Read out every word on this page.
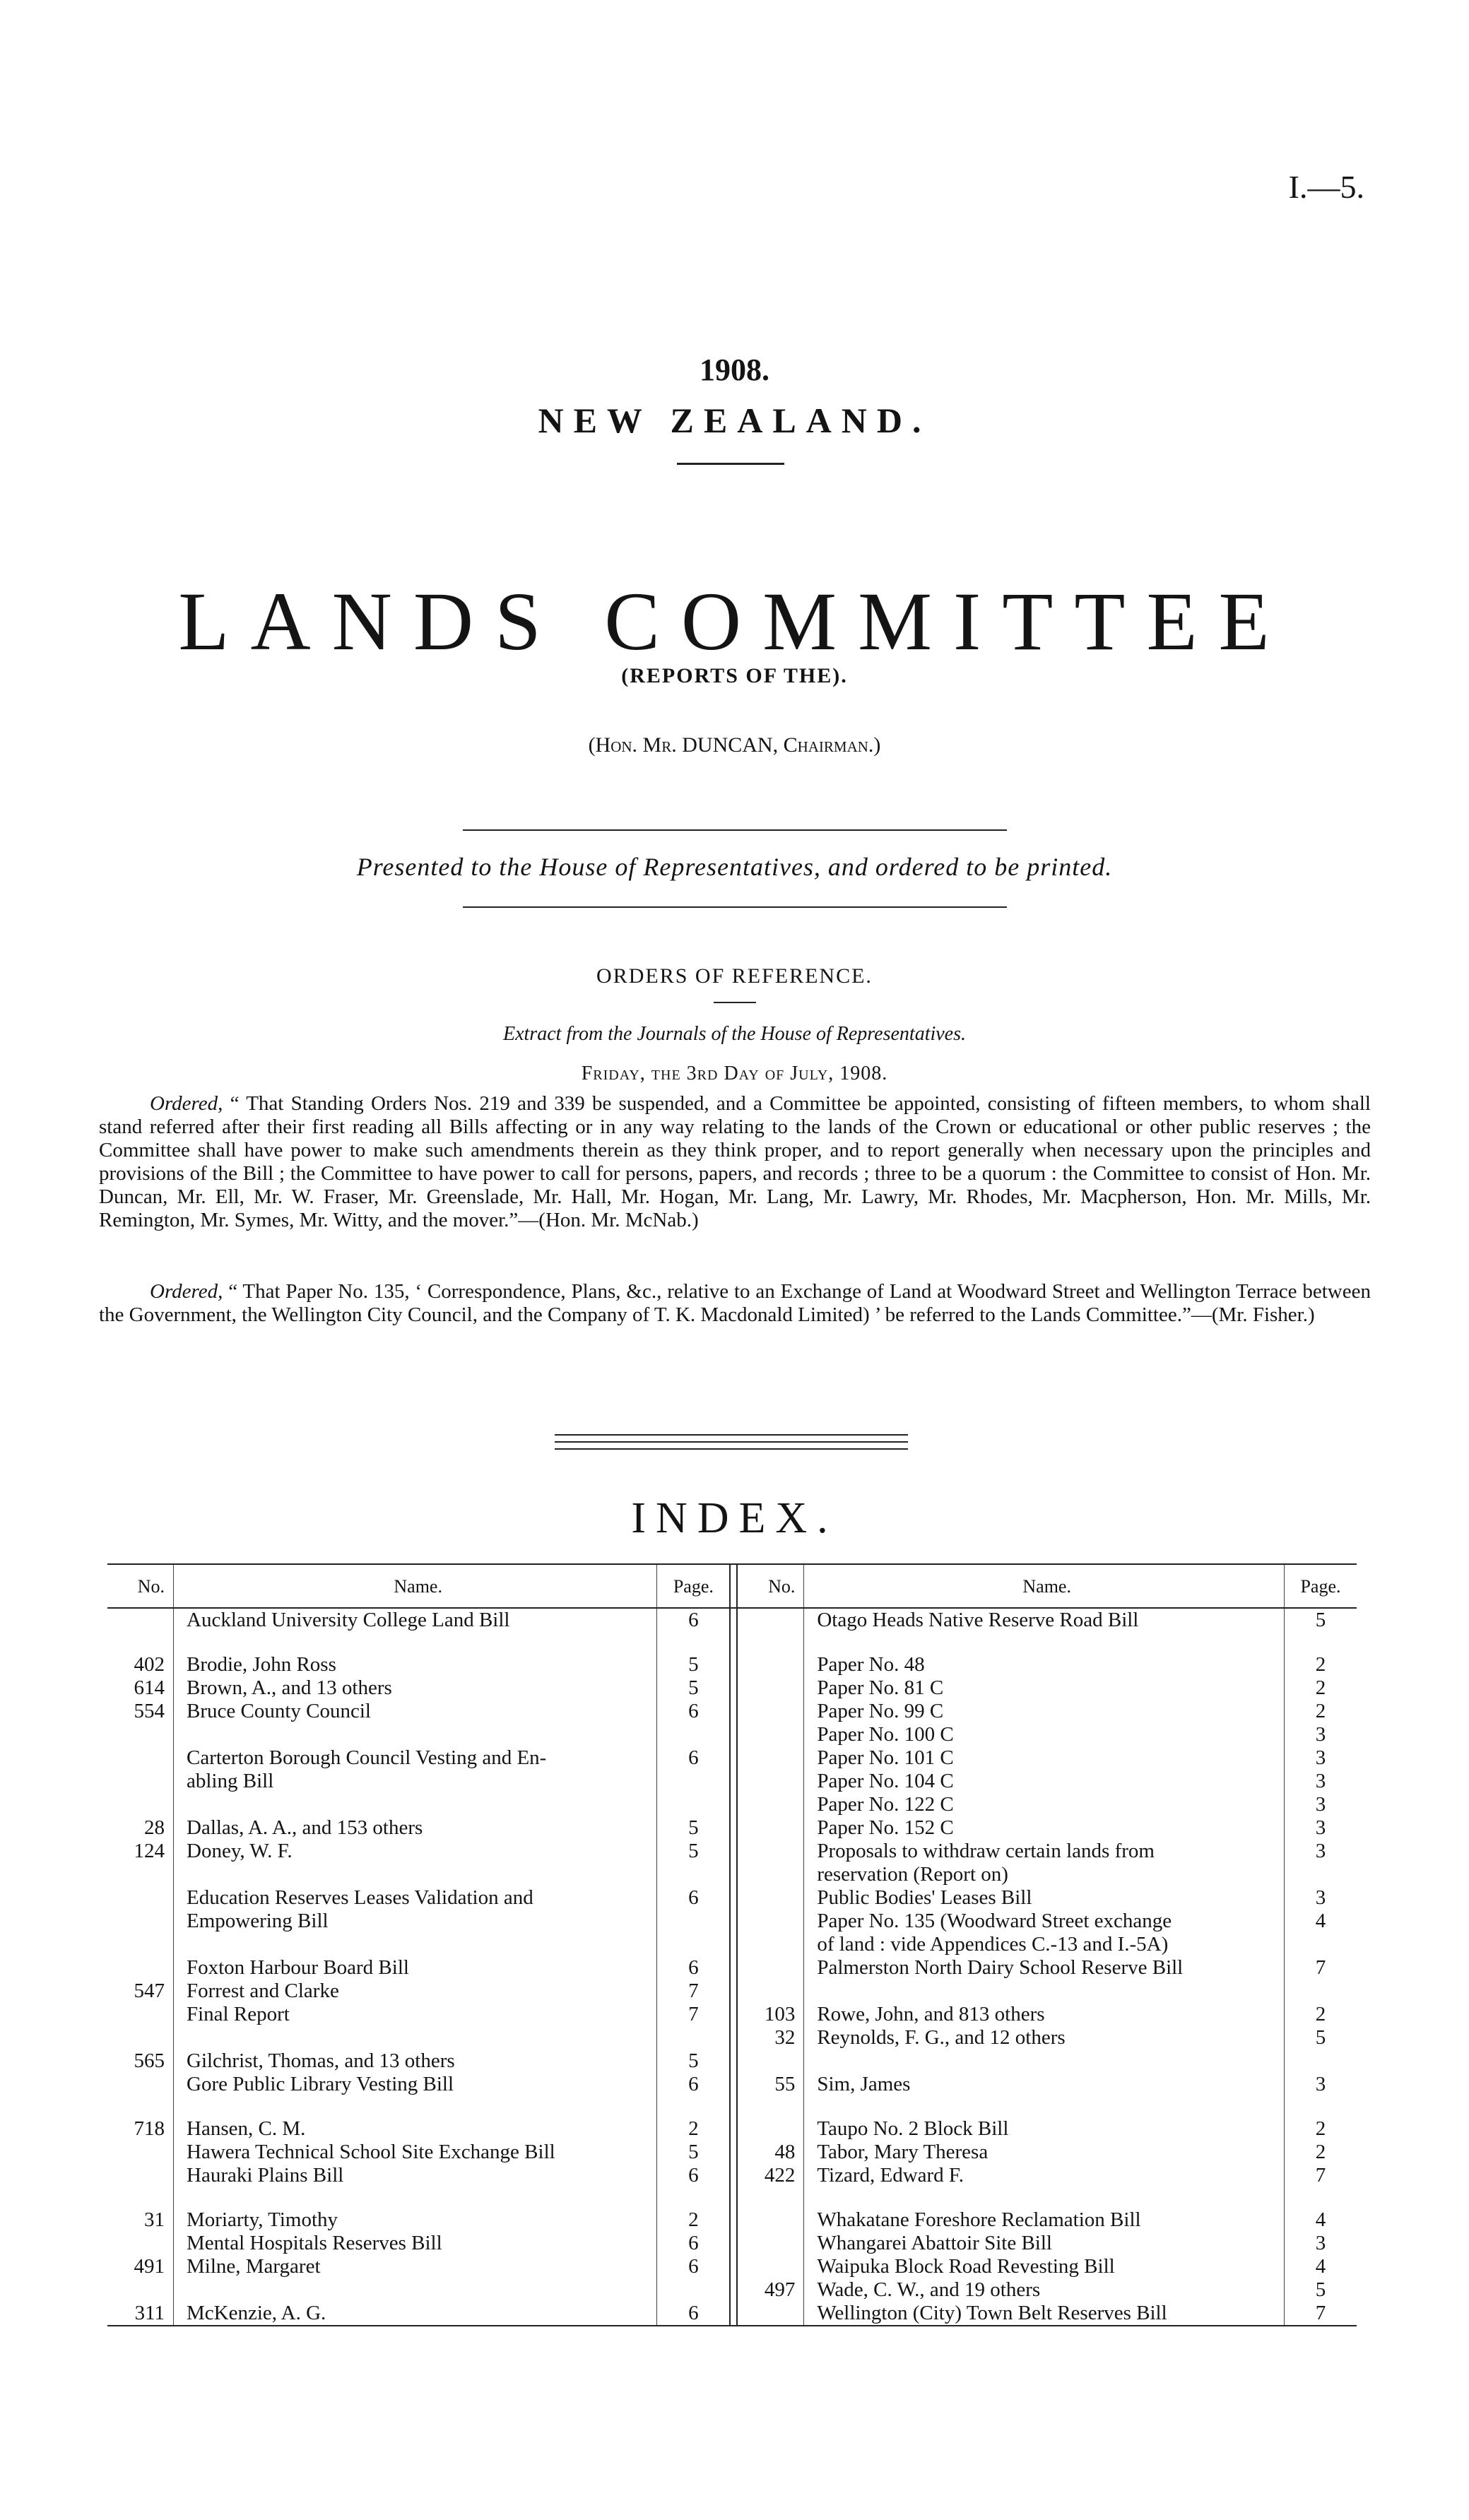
I.—5.
1908.
NEW ZEALAND.
LANDS COMMITTEE
(REPORTS OF THE).
(Hon. Mr. DUNCAN, Chairman.)
Presented to the House of Representatives, and ordered to be printed.
ORDERS OF REFERENCE.
Extract from the Journals of the House of Representatives.
Friday, the 3rd Day of July, 1908.
Ordered, “ That Standing Orders Nos. 219 and 339 be suspended, and a Committee be appointed, consisting of fifteen members, to whom shall stand referred after their first reading all Bills affecting or in any way relating to the lands of the Crown or educational or other public reserves ; the Committee shall have power to make such amendments therein as they think proper, and to report generally when necessary upon the principles and provisions of the Bill ; the Committee to have power to call for persons, papers, and records ; three to be a quorum : the Committee to consist of Hon. Mr. Duncan, Mr. Ell, Mr. W. Fraser, Mr. Greenslade, Mr. Hall, Mr. Hogan, Mr. Lang, Mr. Lawry, Mr. Rhodes, Mr. Macpherson, Hon. Mr. Mills, Mr. Remington, Mr. Symes, Mr. Witty, and the mover.”—(Hon. Mr. McNab.)
Ordered, “ That Paper No. 135, ‘ Correspondence, Plans, &c., relative to an Exchange of Land at Woodward Street and Wellington Terrace between the Government, the Wellington City Council, and the Company of T. K. Macdonald Limited) ’ be referred to the Lands Committee.”—(Mr. Fisher.)
INDEX.
No.	Name.	Page.		No.	Name.	Page.
	Auckland University College Land Bill	6			Otago Heads Native Reserve Road Bill	5

402	Brodie, John Ross	5			Paper No. 48	2
614	Brown, A., and 13 others	5			Paper No. 81 C	2
554	Bruce County Council	6			Paper No. 99 C	2
					Paper No. 100 C	3
	Carterton Borough Council Vesting and En-	6			Paper No. 101 C	3
	abling Bill				Paper No. 104 C	3
					Paper No. 122 C	3
28	Dallas, A. A., and 153 others	5			Paper No. 152 C	3
124	Doney, W. F.	5			Proposals to withdraw certain lands from	3
					reservation (Report on)	
	Education Reserves Leases Validation and	6			Public Bodies' Leases Bill	3
	Empowering Bill				Paper No. 135 (Woodward Street exchange	4
					of land : vide Appendices C.-13 and I.-5A)	
	Foxton Harbour Board Bill	6			Palmerston North Dairy School Reserve Bill	7
547	Forrest and Clarke	7				
	Final Report	7		103	Rowe, John, and 813 others	2
				32	Reynolds, F. G., and 12 others	5
565	Gilchrist, Thomas, and 13 others	5				
	Gore Public Library Vesting Bill	6		55	Sim, James	3

718	Hansen, C. M.	2			Taupo No. 2 Block Bill	2
	Hawera Technical School Site Exchange Bill	5		48	Tabor, Mary Theresa	2
	Hauraki Plains Bill	6		422	Tizard, Edward F.	7

31	Moriarty, Timothy	2			Whakatane Foreshore Reclamation Bill	4
	Mental Hospitals Reserves Bill	6			Whangarei Abattoir Site Bill	3
491	Milne, Margaret	6			Waipuka Block Road Revesting Bill	4
				497	Wade, C. W., and 19 others	5
311	McKenzie, A. G.	6			Wellington (City) Town Belt Reserves Bill	7
